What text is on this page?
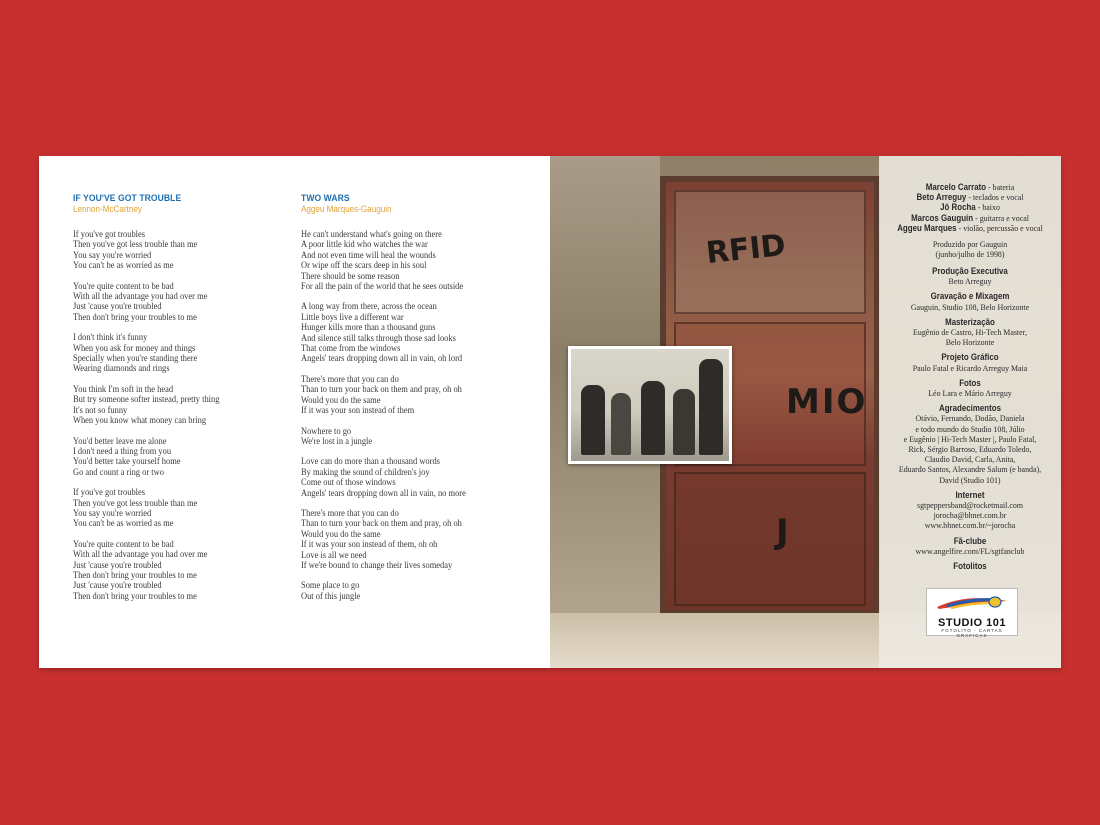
IF YOU'VE GOT TROUBLE
Lennon-McCartney
If you've got troubles
Then you've got less trouble than me
You say you're worried
You can't be as worried as me
You're quite content to be bad
With all the advantage you had over me
Just 'cause you're troubled
Then don't bring your troubles to me
I don't think it's funny
When you ask for money and things
Specially when you're standing there
Wearing diamonds and rings
You think I'm soft in the head
But try someone softer instead, pretty thing
It's not so funny
When you know what money can bring
You'd better leave me alone
I don't need a thing from you
You'd better take yourself home
Go and count a ring or two
If you've got troubles
Then you've got less trouble than me
You say you're worried
You can't be as worried as me
You're quite content to be bad
With all the advantage you had over me
Just 'cause you're troubled
Then don't bring your troubles to me
Just 'cause you're troubled
Then don't bring your troubles to me
TWO WARS
Aggeu Marques-Gauguin
He can't understand what's going on there
A poor little kid who watches the war
And not even time will heal the wounds
Or wipe off the scars deep in his soul
There should be some reason
For all the pain of the world that he sees outside
A long way from there, across the ocean
Little boys live a different war
Hunger kills more than a thousand guns
And silence still talks through those sad looks
That come from the windows
Angels' tears dropping down all in vain, oh lord
There's more that you can do
Than to turn your back on them and pray, oh oh
Would you do the same
If it was your son instead of them
Nowhere to go
We're lost in a jungle
Love can do more than a thousand words
By making the sound of children's joy
Come out of those windows
Angels' tears dropping down all in vain, no more
There's more that you can do
Than to turn your back on them and pray, oh oh
Would you do the same
If it was your son instead of them, oh oh
Love is all we need
If we're bound to change their lives someday
Some place to go
Out of this jungle
RFID
MIO
J
Marcelo Carrato - bateria
Beto Arreguy - teclados e vocal
Jô Rocha - baixo
Marcos Gauguin - guitarra e vocal
Aggeu Marques - violão, percussão e vocal
Produzido por Gauguin
(junho/julho de 1998)
Produção Executiva
Beto Arreguy
Gravação e Mixagem
Gauguin, Studio 108, Belo Horizonte
Masterização
Eugênio de Castro, Hi-Tech Master,
Belo Horizonte
Projeto Gráfico
Paulo Fatal e Ricardo Arreguy Maia
Fotos
Léo Lara e Mário Arreguy
Agradecimentos
Otávio, Fernando, Dodão, Daniela
e todo mundo do Studio 108, Júlio
e Eugênio | Hi-Tech Master |, Paulo Fatal,
Rick, Sérgio Barroso, Eduardo Toledo,
Claudio David, Carla, Anita,
Eduardo Santos, Alexandre Salum (e banda),
David (Studio 101)
Internet
sgtpeppersband@rocketmail.com
jorocha@bhnet.com.br
www.bhnet.com.br/~jorocha
Fã-clube
www.angelfire.com/FL/sgtfanclub
Fotolitos
STUDIO 101
FOTOLITO · CARTAS GRÁFICAS
